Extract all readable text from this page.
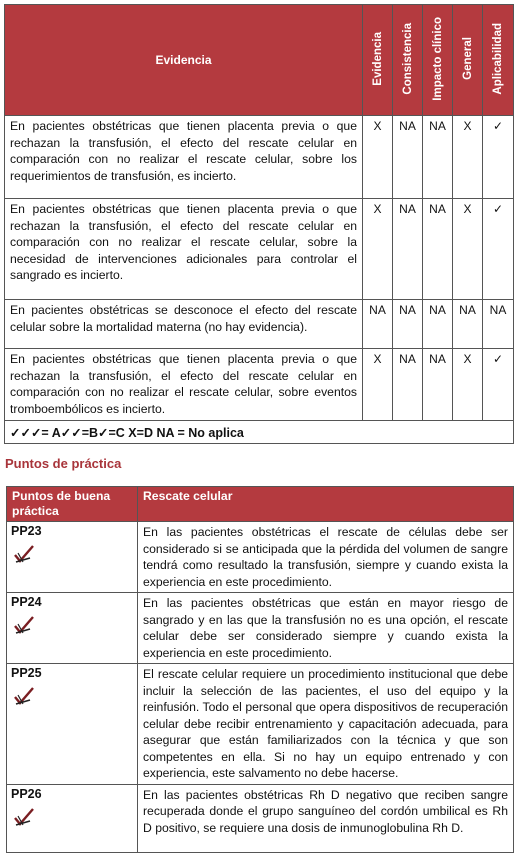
Evidencia	Evidencia	Consistencia	Impacto clínico	General	Aplicabilidad
En pacientes obstétricas que tienen placenta previa o que rechazan la transfusión, el efecto del rescate celular en comparación con no realizar el rescate celular, sobre los requerimientos de transfusión, es incierto.	X	NA	NA	X	✓
En pacientes obstétricas que tienen placenta previa o que rechazan la transfusión, el efecto del rescate celular en comparación con no realizar el rescate celular, sobre la necesidad de intervenciones adicionales para controlar el sangrado es incierto.	X	NA	NA	X	✓
En pacientes obstétricas se desconoce el efecto del rescate celular sobre la mortalidad materna (no hay evidencia).	NA	NA	NA	NA	NA
En pacientes obstétricas que tienen placenta previa o que rechazan la transfusión, el efecto del rescate celular en comparación con no realizar el rescate celular, sobre eventos tromboembólicos es incierto.	X	NA	NA	X	✓
✓✓✓= A✓✓=B✓=C X=D NA = No aplica					
Puntos de práctica
Puntos de buena práctica	Rescate celular
PP23	En las pacientes obstétricas el rescate de células debe ser considerado si se anticipada que la pérdida del volumen de sangre tendrá como resultado la transfusión, siempre y cuando exista la experiencia en este procedimiento.
PP24	En las pacientes obstétricas que están en mayor riesgo de sangrado y en las que la transfusión no es una opción, el rescate celular debe ser considerado siempre y cuando exista la experiencia en este procedimiento.
PP25	El rescate celular requiere un procedimiento institucional que debe incluir la selección de las pacientes, el uso del equipo y la reinfusión. Todo el personal que opera dispositivos de recuperación celular debe recibir entrenamiento y capacitación adecuada, para asegurar que están familiarizados con la técnica y que son competentes en ella. Si no hay un equipo entrenado y con experiencia, este salvamento no debe hacerse.
PP26	En las pacientes obstétricas Rh D negativo que reciben sangre recuperada donde el grupo sanguíneo del cordón umbilical es Rh D positivo, se requiere una dosis de inmunoglobulina Rh D.
